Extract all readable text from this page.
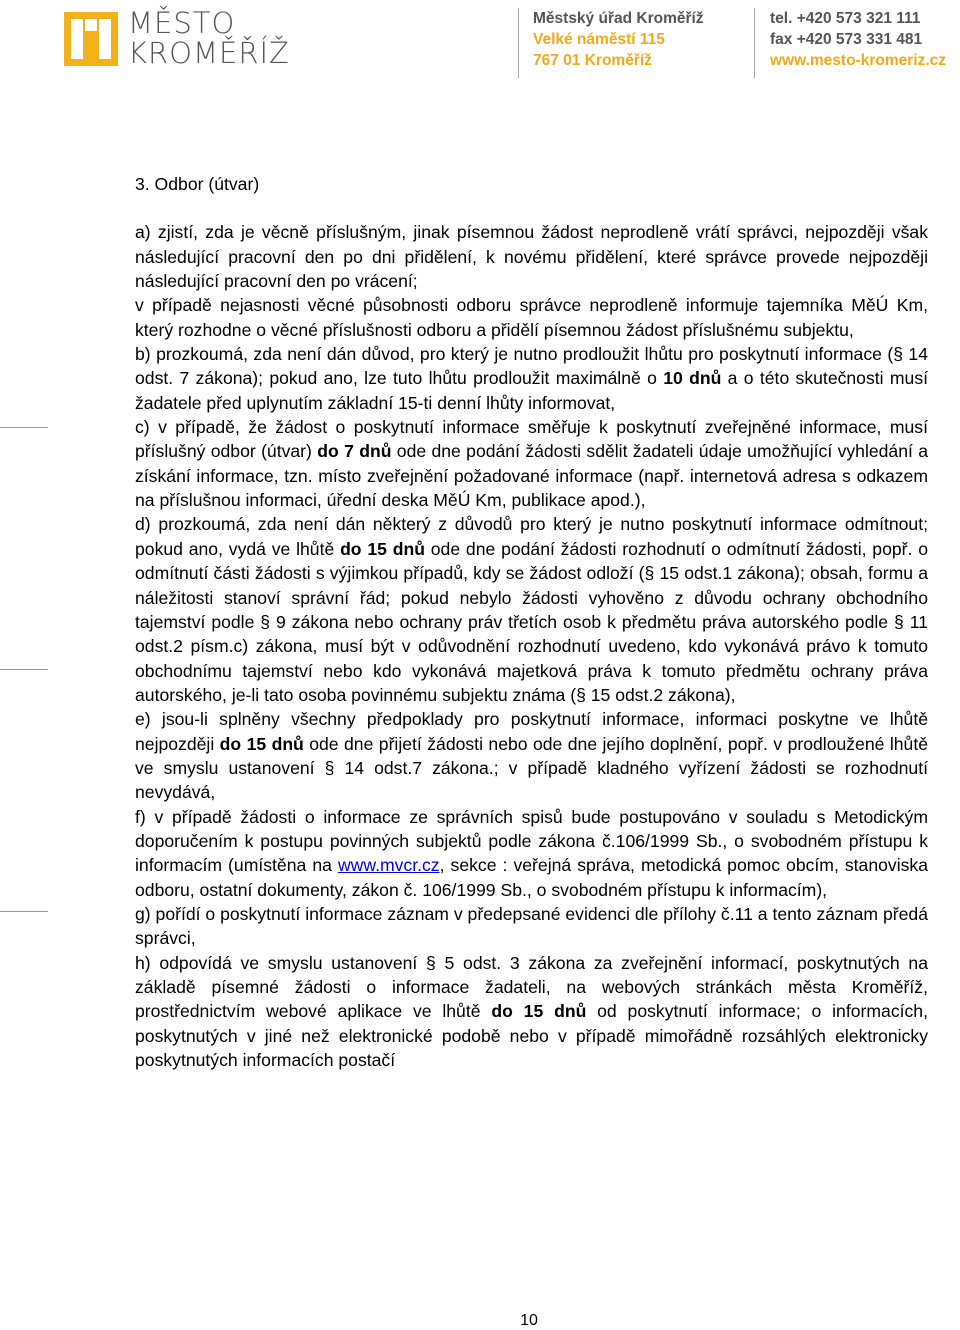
MĚSTO
KROMĚŘÍŽ
Městský úřad Kroměříž
Velké náměstí 115
767 01 Kroměříž
tel. +420 573 321 111
fax +420 573 331 481
www.mesto-kromeriz.cz

3. Odbor (útvar)

a) zjistí, zda je věcně příslušným, jinak písemnou žádost neprodleně vrátí správci, nejpozději však následující pracovní den po dni přidělení, k novému přidělení, které správce provede nejpozději následující pracovní den po vrácení;

v případě nejasnosti věcné působnosti odboru správce neprodleně informuje tajemníka MěÚ Km, který rozhodne o věcné příslušnosti odboru a přidělí písemnou žádost příslušnému subjektu,

b) prozkoumá, zda není dán důvod, pro který je nutno prodloužit lhůtu pro poskytnutí informace (§ 14 odst. 7 zákona); pokud ano, lze tuto lhůtu prodloužit maximálně o 10 dnů a o této skutečnosti musí žadatele před uplynutím základní 15-ti denní lhůty informovat,

c) v případě, že žádost o poskytnutí informace směřuje k poskytnutí zveřejněné informace, musí příslušný odbor (útvar) do 7 dnů ode dne podání žádosti sdělit žadateli údaje umožňující vyhledání a získání informace, tzn. místo zveřejnění požadované informace (např. internetová adresa s odkazem na příslušnou informaci, úřední deska MěÚ Km, publikace apod.),

d) prozkoumá, zda není dán některý z důvodů pro který je nutno poskytnutí informace odmítnout; pokud ano, vydá ve lhůtě do 15 dnů ode dne podání žádosti rozhodnutí o odmítnutí žádosti, popř. o odmítnutí části žádosti s výjimkou případů, kdy se žádost odloží (§ 15 odst.1 zákona); obsah, formu a náležitosti stanoví správní řád; pokud nebylo žádosti vyhověno z důvodu ochrany obchodního tajemství podle § 9 zákona nebo ochrany práv třetích osob k předmětu práva autorského podle § 11 odst.2 písm.c) zákona, musí být v odůvodnění rozhodnutí uvedeno, kdo vykonává právo k tomuto obchodnímu tajemství nebo kdo vykonává majetková práva k tomuto předmětu ochrany práva autorského, je-li tato osoba povinnému subjektu známa (§ 15 odst.2 zákona),

e) jsou-li splněny všechny předpoklady pro poskytnutí informace, informaci poskytne ve lhůtě nejpozději do 15 dnů ode dne přijetí žádosti nebo ode dne jejího doplnění, popř. v prodloužené lhůtě ve smyslu ustanovení § 14 odst.7 zákona.; v případě kladného vyřízení žádosti se rozhodnutí nevydává,

f) v případě žádosti o informace ze správních spisů bude postupováno v souladu s Metodickým doporučením k postupu povinných subjektů podle zákona č.106/1999 Sb., o svobodném přístupu k informacím (umístěna na www.mvcr.cz, sekce : veřejná správa, metodická pomoc obcím, stanoviska odboru, ostatní dokumenty, zákon č. 106/1999 Sb., o svobodném přístupu k informacím),

g) pořídí o poskytnutí informace záznam v předepsané evidenci dle přílohy č.11 a tento záznam předá správci,

h) odpovídá ve smyslu ustanovení § 5 odst. 3 zákona za zveřejnění informací, poskytnutých na základě písemné žádosti o informace žadateli, na webových stránkách města Kroměříž, prostřednictvím webové aplikace ve lhůtě do 15 dnů od poskytnutí informace; o informacích, poskytnutých v jiné než elektronické podobě nebo v případě mimořádně rozsáhlých elektronicky poskytnutých informacích postačí

10
